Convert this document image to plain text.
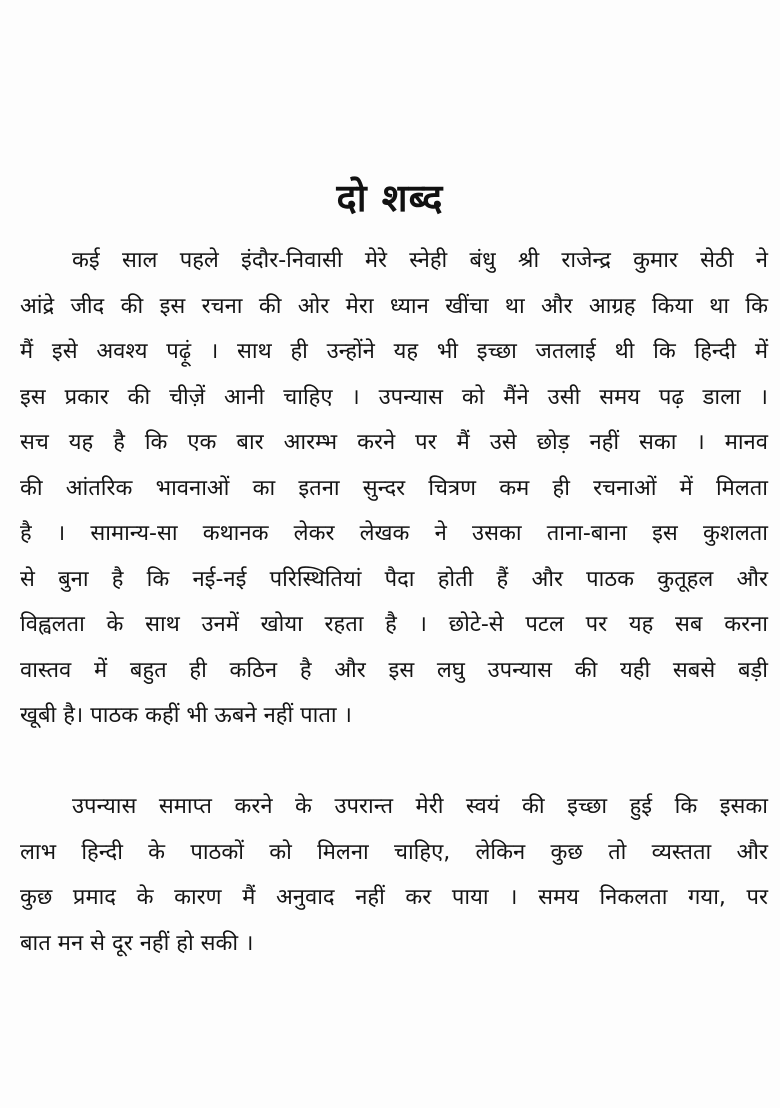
दो शब्द
कई साल पहले इंदौर-निवासी मेरे स्नेही बंधु श्री राजेन्द्र कुमार सेठी ने
आंद्रे जीद की इस रचना की ओर मेरा ध्यान खींचा था और आग्रह किया था कि
मैं इसे अवश्य पढ़ूं । साथ ही उन्होंने यह भी इच्छा जतलाई थी कि हिन्दी में
इस प्रकार की चीज़ें आनी चाहिए । उपन्यास को मैंने उसी समय पढ़ डाला ।
सच यह है कि एक बार आरम्भ करने पर मैं उसे छोड़ नहीं सका । मानव
की आंतरिक भावनाओं का इतना सुन्दर चित्रण कम ही रचनाओं में मिलता
है । सामान्य-सा कथानक लेकर लेखक ने उसका ताना-बाना इस कुशलता
से बुना है कि नई-नई परिस्थितियां पैदा होती हैं और पाठक कुतूहल और
विह्वलता के साथ उनमें खोया रहता है । छोटे-से पटल पर यह सब करना
वास्तव में बहुत ही कठिन है और इस लघु उपन्यास की यही सबसे बड़ी
खूबी है। पाठक कहीं भी ऊबने नहीं पाता ।
उपन्यास समाप्त करने के उपरान्त मेरी स्वयं की इच्छा हुई कि इसका
लाभ हिन्दी के पाठकों को मिलना चाहिए, लेकिन कुछ तो व्यस्तता और
कुछ प्रमाद के कारण मैं अनुवाद नहीं कर पाया । समय निकलता गया, पर
बात मन से दूर नहीं हो सकी ।
